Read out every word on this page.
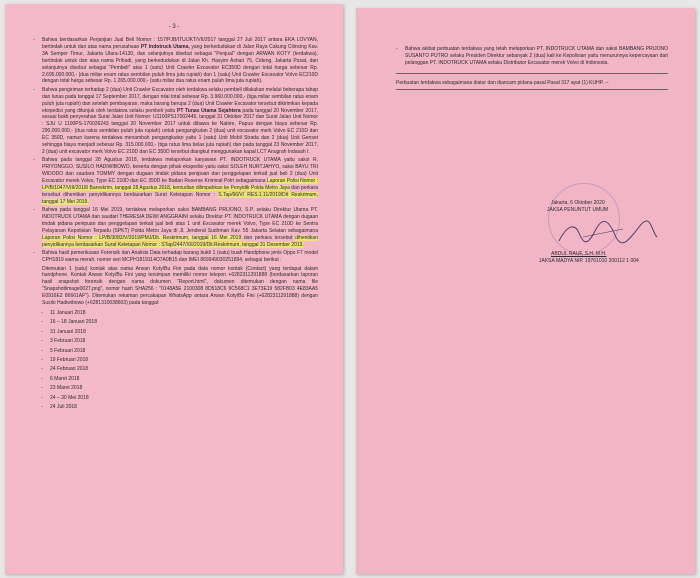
- 3 -
- Bahwa berdasarkan Perjanjian Jual Beli Nomor : 157/PJB/ITU/JKT/VII/2017 tanggal 27 Juli 2017 antara EKA LOVYAN, bertindak untuk dan atas nama perusahaan PT Indotruck Utama, yang berkedudukan di Jalan Raya Cakung Cilincing Kav. 3A Semper Timur, Jakarta Utara-14130, dan selanjutnya disebut sebagai "Penjual" dengan ARWAN KOTY (terdakwa), bertindak untuk dan atas nama Pribadi, yang berkedudukan di Jalan Kh. Hasyim Ashari 75, Cideng, Jakarta Pusat, dan selanjutnya disebut sebagai "Pembeli" atas 1 (satu) Unit Crawler Excavator EC350D dengan total harga sebesar Rp. 2.695.000.000,- (dua miliar enam ratus sembilan puluh lima juta rupiah) dan 1 (satu) Unit Crawler Excavator Volvo EC210D dengan total harga sebesar Rp. 1.265.000.000,- (satu miliar dua ratus enam puluh lima juta rupiah).
- Bahwa pengiriman terhadap 2 (dua) Unit Crawler Excavator oleh terdakwa selaku pembeli dilakukan melalui beberapa tahap dan lunas pada tanggal 17 September 2017, dengan nilai total sebesar Rp. 3.960.000.000,- (tiga miliar sembilan ratus enam puluh juta rupiah) dan setelah pembayaran, maka barang berupa 2 (dua) Unit Crawler Excavator tersebut dikirimkan kepada ekspedisi yang ditunjuk oleh terdakwa selaku pembeli yaitu PT Tunas Utama Sejahtera pada tanggal 20 November 2017, sesuai bukti penyerahan Surat Jalan Unit Nomor: U1100PS17002445, tanggal 31 Oktober 2017 dan Surat Jalan Unit Nomor : SJU U 1100PS-170026243 tanggal 20 November 2017 untuk dibawa ke Nabire, Papua dengan biaya sebesar Rp. 290.000.000,- (dua ratus sembilan puluh juta rupiah) untuk pengangkutan 2 (dua) unit excavator merk Volvo EC 210D dan EC 350D, namun karena terdakwa menambah pengangkutan yaitu 1 (satu) Unit Mobil Strada dan 2 (dua) Unit Genset sehingga biaya menjadi sebesar Rp. 315.000.000,- (tiga ratus lima belas juta rupiah) dan pada tanggal 23 November 2017, 2 (dua) unit excavator merk Volvo EC 210D dan EC 350D tersebut diangkut menggunakan kapal LCT Anugrah Indasah I.
- Bahwa pada tanggal 28 Agustus 2018, terdakwa melaporkan karyawan PT. INDOTRUCK UTAMA yaitu saksi R. PRIYONGGO, SUSILO HADIWIBOWO, beserta dengan pihak ekspedisi yaitu saksi SOLEH NURTJAHYO, saksi BAYU TRI WIDODO dan saudara TOMMY dengan dugaan tindak pidana penipuan dan penggelapan terkait jual beli 2 (dua) Unit Excavator merek Volvo, Type EC 210D dan EC 350D ke Badan Reserse Kriminal Polri sebagaimana Laporan Polisi Nomor : LP/B/1047/VIII/2018/ Bareskrim, tanggal 28 Agustus 2018, kemudian dilimpahkan ke Penyidik Polda Metro Jaya dan perkara tersebut dihentikan penyidikannya berdasarkan Surat Ketetapan Nomor : S.Tap/66/V/ RES.1.11/2019/Dit Reskrimum, tanggal 17 Mei 2019.
- Bahwa pada tanggal 16 Mei 2019, terdakwa melaporkan saksi BAMBANG PRIJONO, S.P. selaku Direktur Utama PT. INDOTRUCK UTAMA dan saudari THERESIA DEWI ANGGRAINI selaku Direktur PT. INDOTRUCK UTAMA dengan dugaan tindak pidana penipuan dan penggelapan terkait jual beli atas 1 unit Excavator merek Volvo, Type EC 210D ke Sentra Pelayanan Kepolisian Terpadu (SPKT) Polda Metro Jaya di Jl. Jenderal Sudirman Kav. 55 Jakarta Selatan sebagaimana Laporan Polisi Nomor : LP/B/3082/V/2019/PMJ/Dit. Reskrimum, tanggal 16 Mei 2019 dan perkara tersebut dihentikan penyidikannya berdasarkan Surat Ketetapan Nomor : STap/2447/XII/2019/Dit.Reskrimum, tanggal 31 Desember 2019.
- Bahwa hasil pemeriksaan Forensik dan Analisis Data terhadap barang bukti 1 (satu) buah Handphone jenis Oppo F7 model CPH1819 warna merah, nomor seri MCPH1819114O7A0B15 dan IMEI 869949030251894, sebagai berikut :
Ditemukan 1 (satu) kontak atas nama Arwan Koty/Bu Fini pada data nomor kontak (Contact) yang terdapat dalam handphone. Kontak Arwan Koty/Bu Fini yang tersimpan memiliki nomor telepon +6282311291888 (berdasarkan laporan hasil snapshot forensik dengan nama dokumen "Report.html", dokumen ditemukan dengan nama file "Snapshotlimage0027.png", nomor hash SHA256 : "0148A5E 2100308 8D518C6 9C568C1 3E73E19 582FB03 4E83AA5 E0916E2 86661AF"). Ditemukan rekaman percakapan WhatsApp antara Arwan Koty/Bu Fini (+6282311291888) dengan Susilo Hadiwibowo (+6281310038603) pada tanggal:
- 11 Januari 2018
- 16 – 18 Januari 2018
- 31 Januari 2018
- 3 Februari 2018
- 5 Februari 2018
- 19 Februari 2018
- 24 Februari 2018
- 6 Maret 2018
- 23 Maret 2018
- 24 – 30 Mei 2018
- 24 Juli 2018
- Bahwa akibat perbuatan terdakwa yang telah melaporkan PT. INDOTRUCK UTAMA dan saksi BAMBANG PRIJONO SUSANTO PUTRO selaku Presiden Direktur sebanyak 2 (dua) kali ke Kepolisian yaitu menurunnya kepercayaan dari pelanggan PT. INDOTRUCK UTAMA selaku Distributor Excavator merek Volvo di Indonesia.
Perbuatan terdakwa sebagaimana diatur dan diancam pidana pasal Pasal 317 ayat (1) KUHP. --
Jakarta, 6 Oktober 2020
JAKSA PENUNTUT UMUM
ABDUL RAUF, S.H.,M.H.
JAKSA MADYA NIP. 19761010 200112 1 004
